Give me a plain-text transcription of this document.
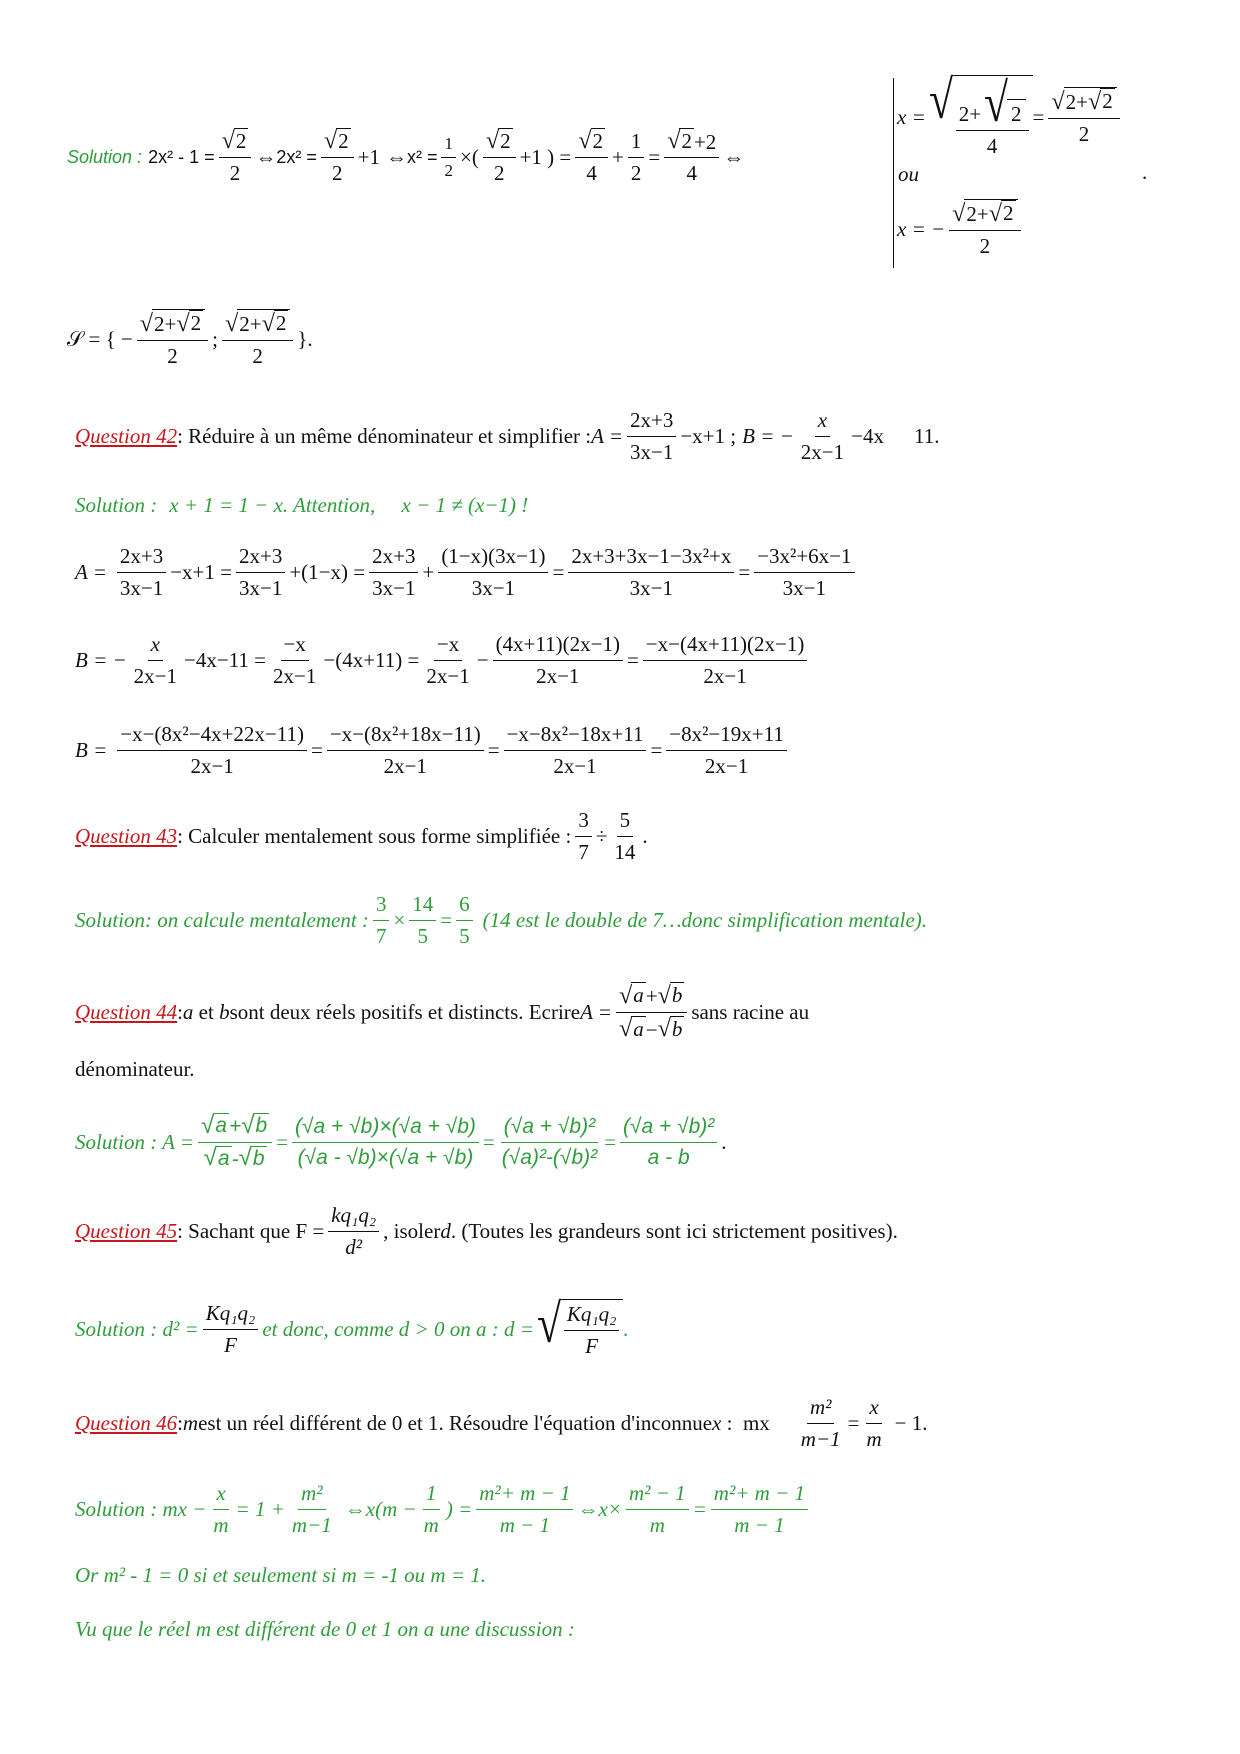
Solution : $2x^2 - 1 = \frac{√ 2}{2}$ ⇔ $2x^2 = \frac{√ 2}{2} +1$ ⇔ $x^2 = \frac{1}{2}$ ×( $\frac{√ 2}{2} +1$ ) = $\frac{√ 2}{4} + \frac{1}{2} = \frac{√ 2 +2}{4}$ ⇔
x = √ $\frac{2+ √ 2}{4} = \frac{√ 2+ √ 2}{2}$
ou
x = − $\frac{√ 2+ √ 2}{2}$
.
𝒮 = { − $\frac{√ 2+ √ 2}{2}$ ; $\frac{√ 2+ √ 2}{2}$ }.
Question 42 : Réduire à un même dénominateur et simplifier : $A = \frac{2x+3}{3x-1} -x+1$ ; B = − $\frac{x}{2x-1} -4x$ 11.
Solution : x + 1 = 1 − x. Attention,     x − 1 ≠ (x−1) !
$A = \frac{2x+3}{3x-1} -x+1 = \frac{2x+3}{3x-1} +(1-x) = \frac{2x+3}{3x-1} + \frac{(1-x)(3x-1)}{3x-1} = \frac{\text{2x+3+3x−1−3x²+x}}{3x-1} = \frac{\text{−3x²+6x−1}}{3x-1}$
B = − $\frac{x}{2x-1} -4x-11 = \frac{-x}{2x-1} -(4x+11) = \frac{-x}{2x-1} - \frac{(4x+11)(2x-1)}{2x-1} = \frac{-x-(4x+11)(2x-1)}{2x-1}$
$B = \frac{\text{−x−(8x²−4x+22x−11)}}{2x-1} = \frac{\text{−x−(8x²+18x−11)}}{2x-1} = \frac{\text{−x−8x²−18x+11}}{2x-1} = \frac{\text{−8x²−19x+11}}{2x-1}$
Question 43 : Calculer mentalement sous forme simplifiée : $\frac{3}{7} \div \frac{5}{14}$ .
Solution : on calcule mentalement : $\frac{3}{7} \times \frac{14}{5} = \frac{6}{5} (14$ est le double de 7…donc simplification mentale).
Question 44 : a et b sont deux réels positifs et distincts. Ecrire $A = \frac{√ a + √ b}{√ a - √ b}$ sans racine au
dénominateur.
Solution : $A = \frac{√ a + √ b}{√ a - √ b} = \frac{(√a + √b)\times(√a + √b)}{(√a - √b)\times(√a + √b)} = \frac{\text{(√a + √b)²}}{\text{(√a)²-(√b)²}} = \frac{\text{(√a + √b)²}}{a - b}$ .
Question 45 : Sachant que $F = \frac{\text{kq₁q₂}}{\text{d²}}$ , isoler d . (Toutes les grandeurs sont ici strictement positives).
Solution : $d^2 = \frac{\text{Kq₁q₂}}{F}$ et donc, comme d > 0 on a : d = √ $\frac{\text{Kq₁q₂}}{F}$ .
Question 46 : m est un réel différent de 0 et 1. Résoudre l'équation d'inconnue x :  mx $\frac{\text{m²}}{m-1} = \frac{x}{m} - 1$.
Solution : mx − $\frac{x}{m} = 1 + \frac{\text{m²}}{m-1}$ ⇔x(m − $\frac{1}{m}$ ) = $\frac{\text{m²+ m − 1}}{m - 1}$ ⇔x× $\frac{\text{m² − 1}}{m} = \frac{\text{m²+ m − 1}}{m - 1}$
Or m² - 1 = 0 si et seulement si m = -1 ou m = 1.
Vu que le réel m est différent de 0 et 1 on a une discussion :
